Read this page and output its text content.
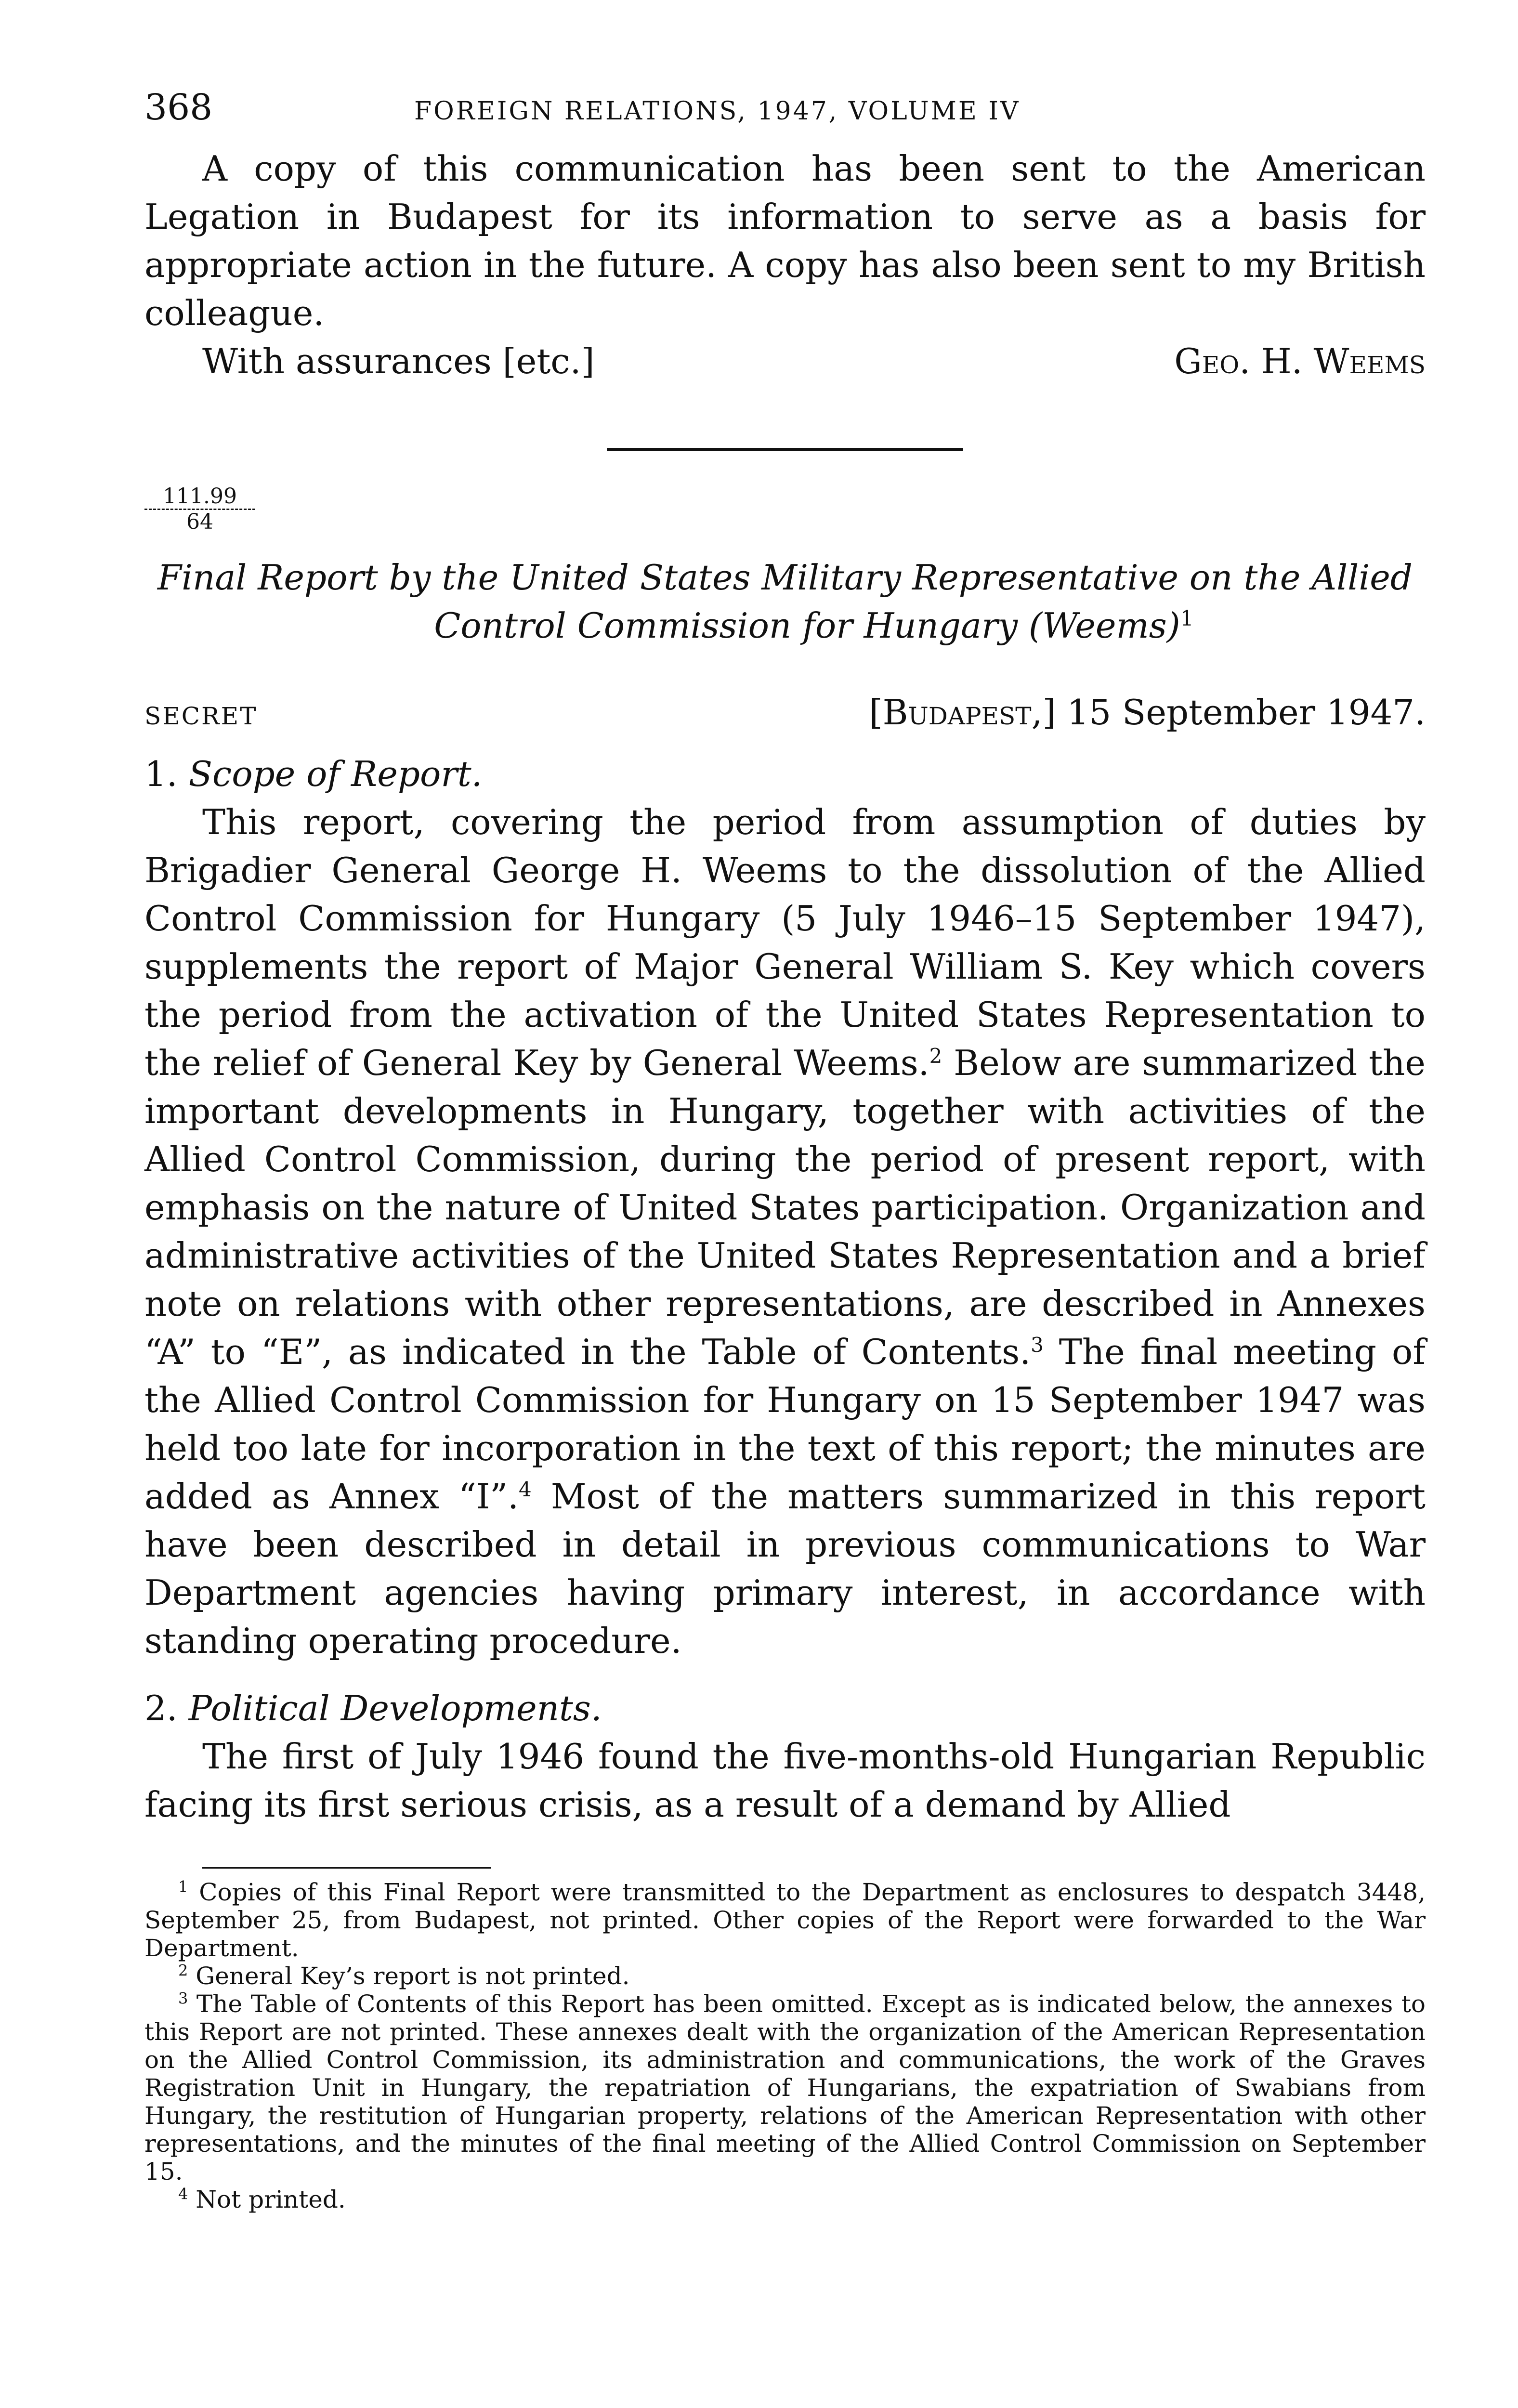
368	FOREIGN RELATIONS, 1947, VOLUME IV

A copy of this communication has been sent to the American Legation in Budapest for its information to serve as a basis for appropriate action in the future. A copy has also been sent to my British colleague.

With assurances [etc.]	Geo. H. Weems
111.99
64

Final Report by the United States Military Representative on the Allied Control Commission for Hungary (Weems)$^1$

SECRET	[Budapest,] 15 September 1947.

1. Scope of Report.

This report, covering the period from assumption of duties by Brigadier General George H. Weems to the dissolution of the Allied Control Commission for Hungary (5 July 1946–15 September 1947), supplements the report of Major General William S. Key which covers the period from the activation of the United States Representation to the relief of General Key by General Weems.$^2$ Below are summarized the important developments in Hungary, together with activities of the Allied Control Commission, during the period of present report, with emphasis on the nature of United States participation. Organization and administrative activities of the United States Representation and a brief note on relations with other representations, are described in Annexes “A” to “E”, as indicated in the Table of Contents.$^3$ The final meeting of the Allied Control Commission for Hungary on 15 September 1947 was held too late for incorporation in the text of this report; the minutes are added as Annex “I”.$^4$ Most of the matters summarized in this report have been described in detail in previous communications to War Department agencies having primary interest, in accordance with standing operating procedure.

2. Political Developments.

The first of July 1946 found the five-months-old Hungarian Republic facing its first serious crisis, as a result of a demand by Allied

$^1$ Copies of this Final Report were transmitted to the Department as enclosures to despatch 3448, September 25, from Budapest, not printed. Other copies of the Report were forwarded to the War Department.

$^2$ General Key’s report is not printed.

$^3$ The Table of Contents of this Report has been omitted. Except as is indicated below, the annexes to this Report are not printed. These annexes dealt with the organization of the American Representation on the Allied Control Commission, its administration and communications, the work of the Graves Registration Unit in Hungary, the repatriation of Hungarians, the expatriation of Swabians from Hungary, the restitution of Hungarian property, relations of the American Representation with other representations, and the minutes of the final meeting of the Allied Control Commission on September 15.

$^4$ Not printed.
